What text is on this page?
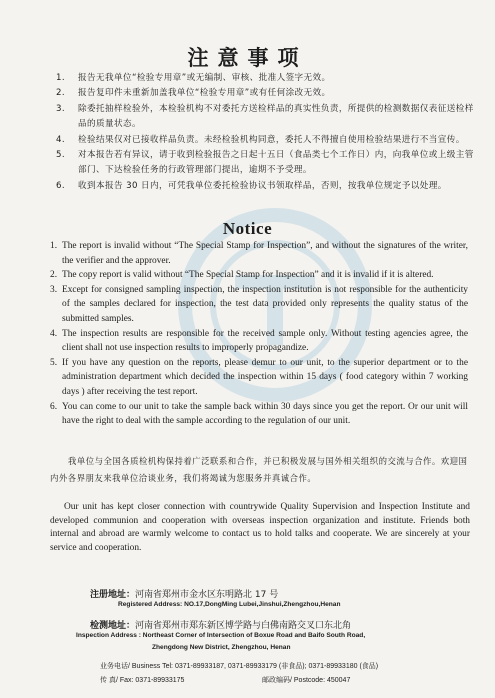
注意事项
1. 报告无我单位“检验专用章”或无编制、审核、批准人签字无效。
2. 报告复印件未重新加盖我单位“检验专用章”或有任何涂改无效。
3. 除委托抽样检验外，本检验机构不对委托方送检样品的真实性负责，所提供的检测数据仅表征送检样品的质量状态。
4. 检验结果仅对已接收样品负责。未经检验机构同意，委托人不得擅自使用检验结果进行不当宣传。
5. 对本报告若有异议，请于收到检验报告之日起十五日（食品类七个工作日）内，向我单位或上级主管部门、下达检验任务的行政管理部门提出，逾期不予受理。
6. 收到本报告 30 日内，可凭我单位委托检验协议书领取样品，否则，按我单位规定予以处理。
Notice
1. The report is invalid without “The Special Stamp for Inspection”, and without the signatures of the writer, the verifier and the approver.
2. The copy report is valid without “The Special Stamp for Inspection” and it is invalid if it is altered.
3. Except for consigned sampling inspection, the inspection institution is not responsible for the authenticity of the samples declared for inspection, the test data provided only represents the quality status of the submitted samples.
4. The inspection results are responsible for the received sample only. Without testing agencies agree, the client shall not use inspection results to improperly propagandize.
5. If you have any question on the reports, please demur to our unit, to the superior department or to the administration department which decided the inspection within 15 days ( food category within 7 working days ) after receiving the test report.
6. You can come to our unit to take the sample back within 30 days since you get the report. Or our unit will have the right to deal with the sample according to the regulation of our unit.

我单位与全国各质检机构保持着广泛联系和合作，并已积极发展与国外相关组织的交流与合作。欢迎国内外各界朋友来我单位洽谈业务，我们将竭诚为您服务并真诚合作。

Our unit has kept closer connection with countrywide Quality Supervision and Inspection Institute and developed communion and cooperation with overseas inspection organization and institute. Friends both internal and abroad are warmly welcome to contact us to hold talks and cooperate. We are sincerely at your service and cooperation.

注册地址：河南省郑州市金水区东明路北 17 号
Registered Address: NO.17,DongMing Lubei,Jinshui,Zhengzhou,Henan
检测地址：河南省郑州市郑东新区博学路与白佛南路交叉口东北角
Inspection Address : Northeast Corner of Intersection of Boxue Road and Baifo South Road,
Zhengdong New District, Zhengzhou, Henan
业务电话/ Business Tel: 0371-89933187, 0371-89933179 (非食品); 0371-89933180 (食品)
传 真/ Fax: 0371-89933175	邮政编码/ Postcode: 450047
